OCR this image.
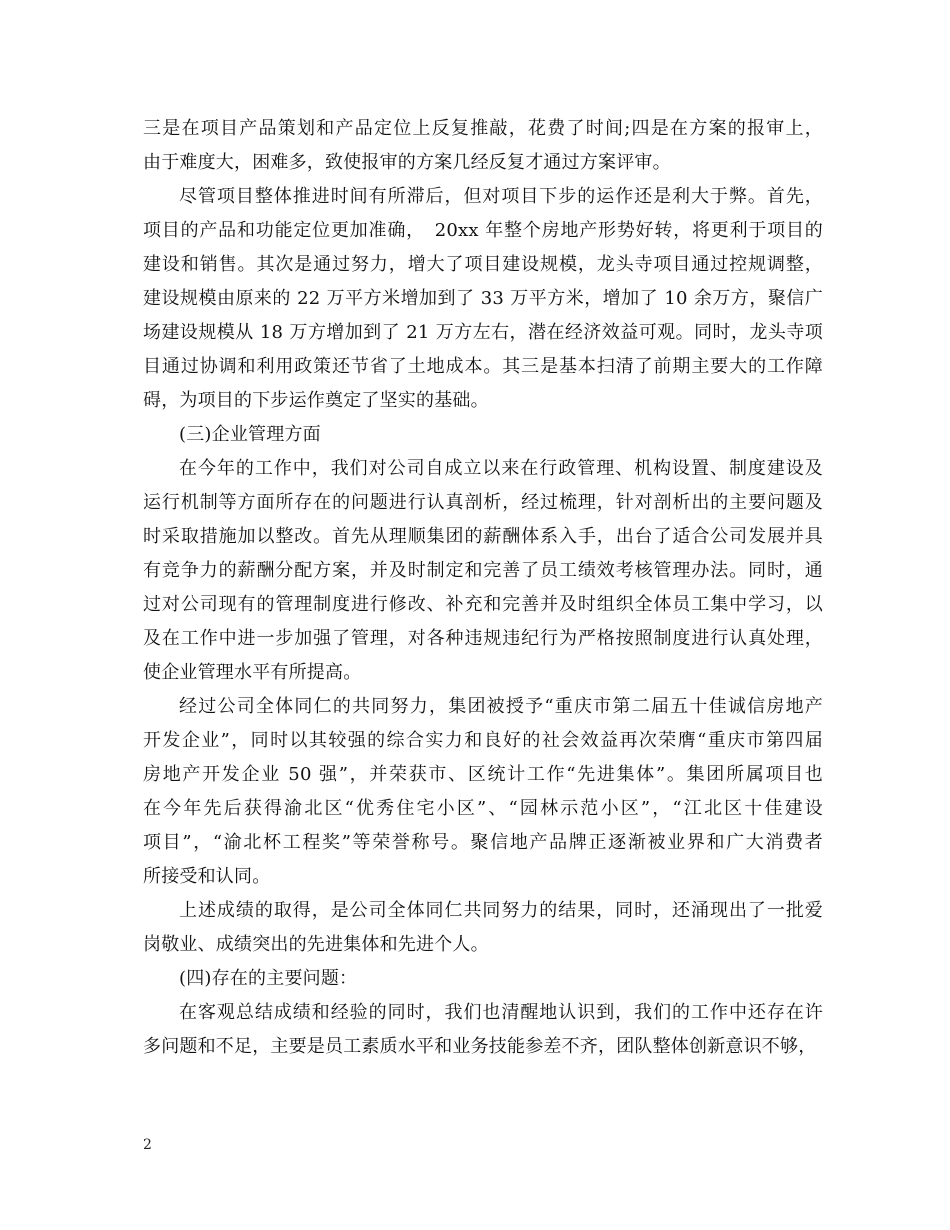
三是在项目产品策划和产品定位上反复推敲，花费了时间;四是在方案的报审上，
由于难度大，困难多，致使报审的方案几经反复才通过方案评审。
尽管项目整体推进时间有所滞后，但对项目下步的运作还是利大于弊。首先，
项目的产品和功能定位更加准确，　20xx 年整个房地产形势好转，将更利于项目的
建设和销售。其次是通过努力，增大了项目建设规模，龙头寺项目通过控规调整，
建设规模由原来的 22 万平方米增加到了 33 万平方米，增加了 10 余万方，聚信广
场建设规模从 18 万方增加到了 21 万方左右，潜在经济效益可观。同时，龙头寺项
目通过协调和利用政策还节省了土地成本。其三是基本扫清了前期主要大的工作障
碍，为项目的下步运作奠定了坚实的基础。
(三)企业管理方面
在今年的工作中，我们对公司自成立以来在行政管理、机构设置、制度建设及
运行机制等方面所存在的问题进行认真剖析，经过梳理，针对剖析出的主要问题及
时采取措施加以整改。首先从理顺集团的薪酬体系入手，出台了适合公司发展并具
有竞争力的薪酬分配方案，并及时制定和完善了员工绩效考核管理办法。同时，通
过对公司现有的管理制度进行修改、补充和完善并及时组织全体员工集中学习，以
及在工作中进一步加强了管理，对各种违规违纪行为严格按照制度进行认真处理，
使企业管理水平有所提高。
经过公司全体同仁的共同努力，集团被授予“重庆市第二届五十佳诚信房地产
开发企业”，同时以其较强的综合实力和良好的社会效益再次荣膺“重庆市第四届
房地产开发企业 50 强”，并荣获市、区统计工作“先进集体”。集团所属项目也
在今年先后获得渝北区“优秀住宅小区”、“园林示范小区”，“江北区十佳建设
项目”，“渝北杯工程奖”等荣誉称号。聚信地产品牌正逐渐被业界和广大消费者
所接受和认同。
上述成绩的取得，是公司全体同仁共同努力的结果，同时，还涌现出了一批爱
岗敬业、成绩突出的先进集体和先进个人。
(四)存在的主要问题：
在客观总结成绩和经验的同时，我们也清醒地认识到，我们的工作中还存在许
多问题和不足，主要是员工素质水平和业务技能参差不齐，团队整体创新意识不够，
2
